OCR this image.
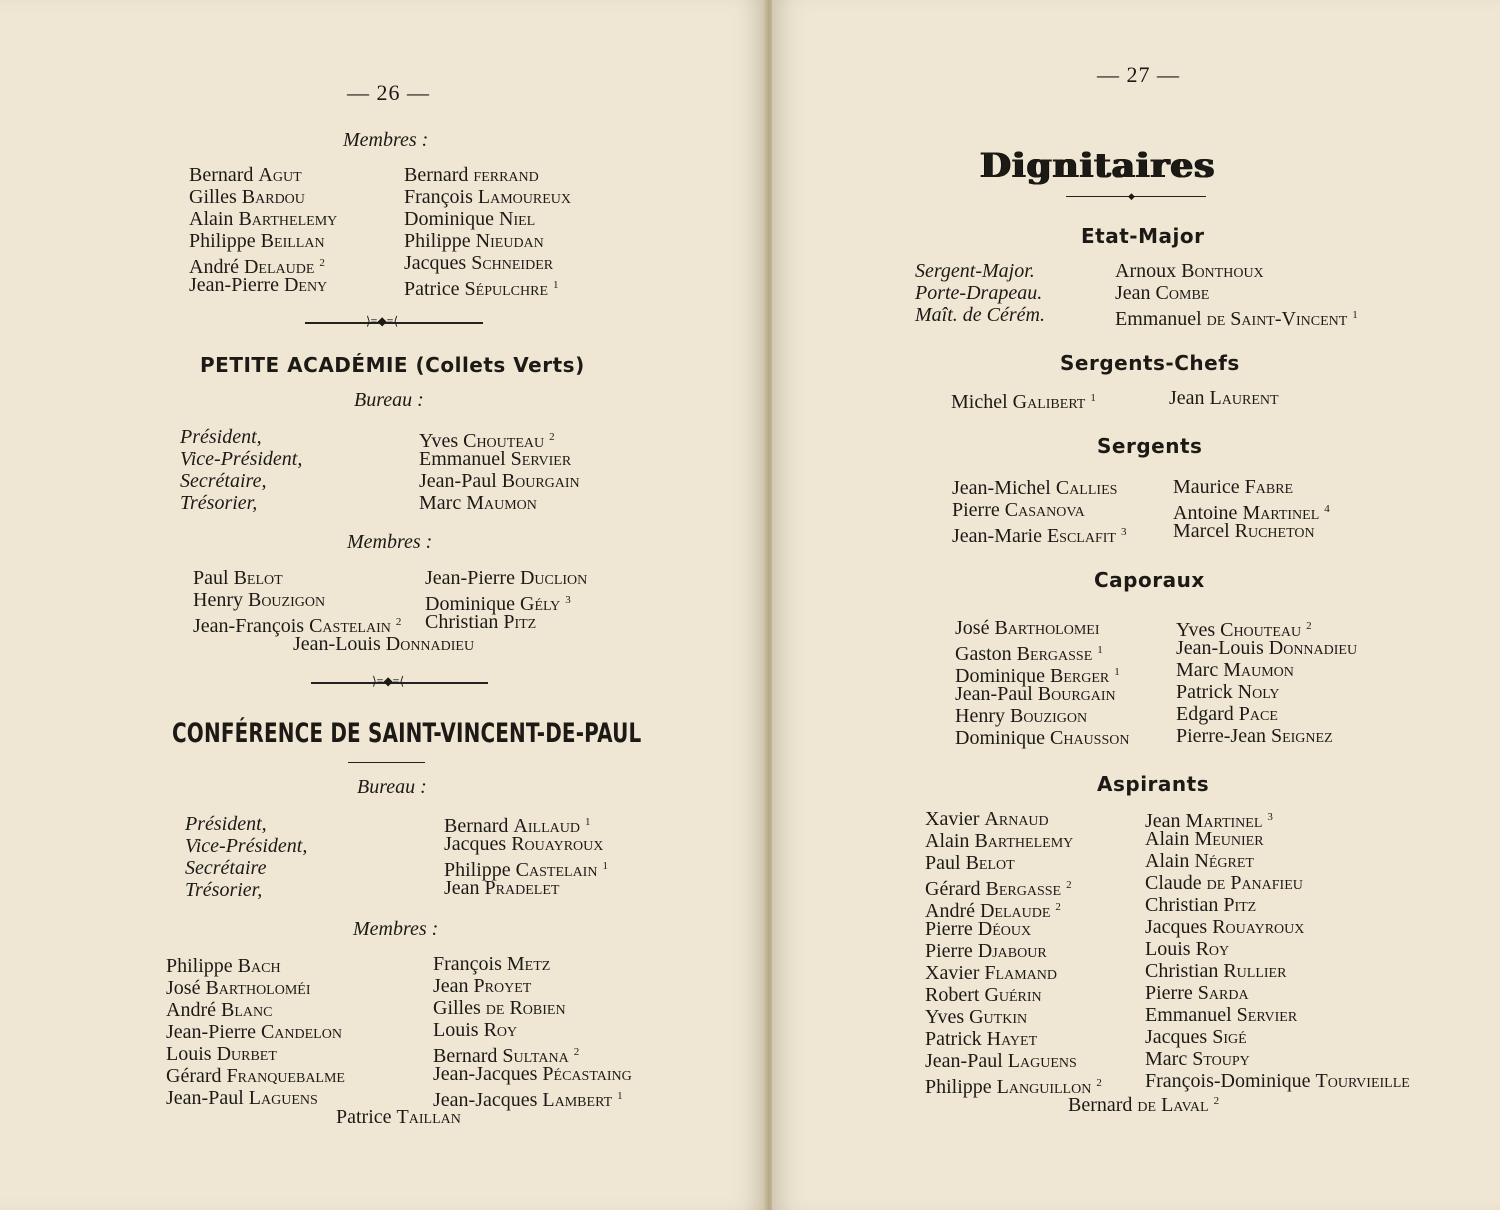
— 26 —
Membres :
Bernard Agut
Gilles Bardou
Alain Barthelemy
Philippe Beillan
André Delaude $^2$
Jean-Pierre Deny
Bernard ferrand
François Lamoureux
Dominique Niel
Philippe Nieudan
Jacques Schneider
Patrice Sépulchre $^1$
⟩≡◆≡⟨
PETITE ACADÉMIE (Collets Verts)
Bureau :
Président,
Vice-Président,
Secrétaire,
Trésorier,
Yves Chouteau $^2$
Emmanuel Servier
Jean-Paul Bourgain
Marc Maumon
Membres :
Paul Belot
Henry Bouzigon
Jean-François Castelain $^2$
Jean-Pierre Duclion
Dominique Gély $^3$
Christian Pitz
Jean-Louis Donnadieu
⟩≡◆≡⟨
CONFÉRENCE DE SAINT-VINCENT-DE-PAUL
Bureau :
Président,
Vice-Président,
Secrétaire
Trésorier,
Bernard Aillaud $^1$
Jacques Rouayroux
Philippe Castelain $^1$
Jean Pradelet
Membres :
Philippe Bach
José Bartholoméi
André Blanc
Jean-Pierre Candelon
Louis Durbet
Gérard Franquebalme
Jean-Paul Laguens
François Metz
Jean Proyet
Gilles de Robien
Louis Roy
Bernard Sultana $^2$
Jean-Jacques Pécastaing
Jean-Jacques Lambert $^1$
Patrice Taillan
— 27 —
Dignitaires
◆
Etat-Major
Sergent-Major.
Porte-Drapeau.
Maît. de Cérém.
Arnoux Bonthoux
Jean Combe
Emmanuel de Saint-Vincent $^1$
Sergents-Chefs
Michel Galibert $^1$	Jean Laurent
Sergents
Jean-Michel Callies
Pierre Casanova
Jean-Marie Esclafit $^3$
Maurice Fabre
Antoine Martinel $^4$
Marcel Rucheton
Caporaux
José Bartholomei
Gaston Bergasse $^1$
Dominique Berger $^1$
Jean-Paul Bourgain
Henry Bouzigon
Dominique Chausson
Yves Chouteau $^2$
Jean-Louis Donnadieu
Marc Maumon
Patrick Noly
Edgard Pace
Pierre-Jean Seignez
Aspirants
Xavier Arnaud
Alain Barthelemy
Paul Belot
Gérard Bergasse $^2$
André Delaude $^2$
Pierre Déoux
Pierre Djabour
Xavier Flamand
Robert Guérin
Yves Gutkin
Patrick Hayet
Jean-Paul Laguens
Philippe Languillon $^2$
Jean Martinel $^3$
Alain Meunier
Alain Négret
Claude de Panafieu
Christian Pitz
Jacques Rouayroux
Louis Roy
Christian Rullier
Pierre Sarda
Emmanuel Servier
Jacques Sigé
Marc Stoupy
François-Dominique Tourvieille
Bernard de Laval $^2$
